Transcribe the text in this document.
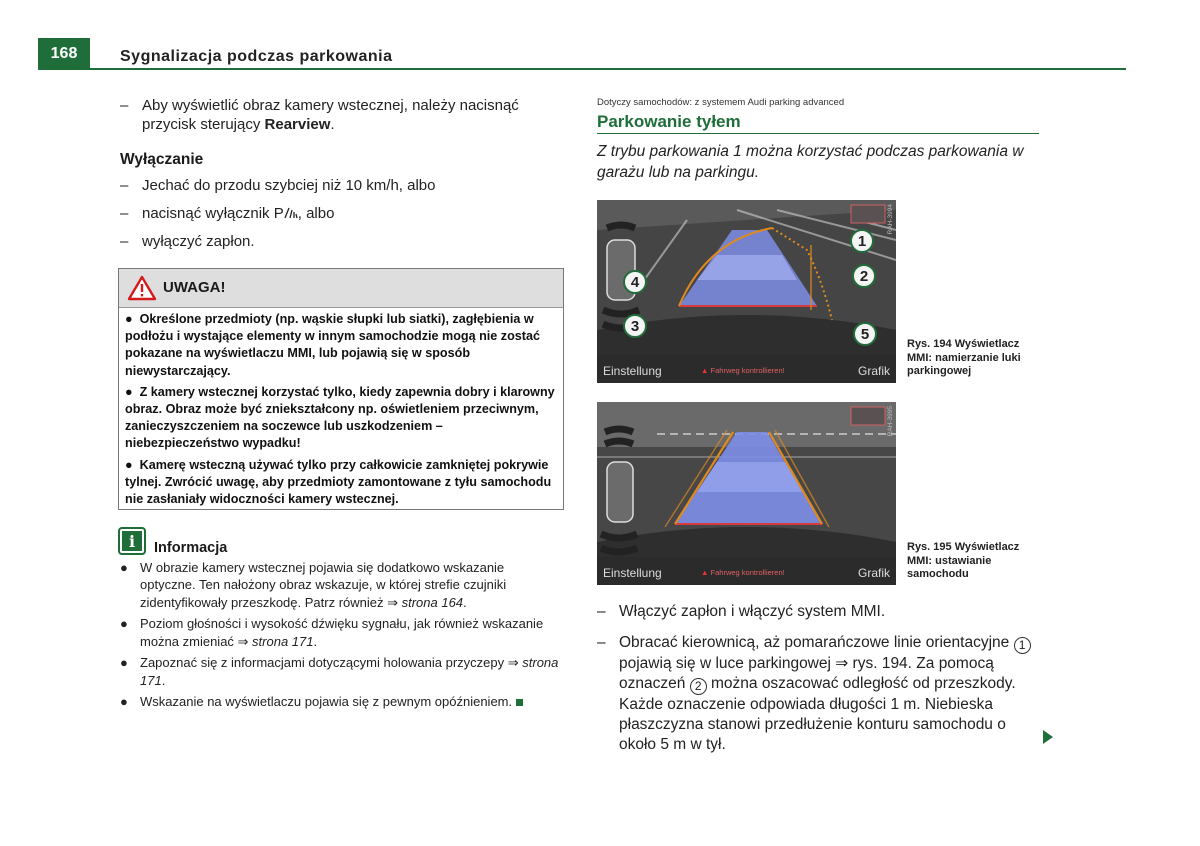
168	Sygnalizacja podczas parkowania
– Aby wyświetlić obraz kamery wstecznej, należy nacisnąć
przycisk sterujący Rearview.
Wyłączanie
– Jechać do przodu szybciej niż 10 km/h, albo
– nacisnąć wyłącznik P , albo
– wyłączyć zapłon.
UWAGA!

●  Określone przedmioty (np. wąskie słupki lub siatki), zagłębienia w podłożu i wystające elementy w innym samochodzie mogą nie zostać pokazane na wyświetlaczu MMI, lub pojawią się w sposób niewystarczający.

●  Z kamery wstecznej korzystać tylko, kiedy zapewnia dobry i klarowny obraz. Obraz może być zniekształcony np. oświetleniem przeciwnym, zanieczyszczeniem na soczewce lub uszkodzeniem – niebezpieczeństwo wypadku!

●  Kamerę wsteczną używać tylko przy całkowicie zamkniętej pokrywie tylnej. Zwrócić uwagę, aby przedmioty zamontowane z tyłu samochodu nie zasłaniały widoczności kamery wstecznej.

i	Informacja

● W obrazie kamery wstecznej pojawia się dodatkowo wskazanie optyczne. Ten nałożony obraz wskazuje, w której strefie czujniki zidentyfikowały przeszkodę. Patrz również ⇒ strona 164.

● Poziom głośności i wysokość dźwięku sygnału, jak również wskazanie można zmieniać ⇒ strona 171.

● Zapoznać się z informacjami dotyczącymi holowania przyczepy ⇒ strona 171.

● Wskazanie na wyświetlaczu pojawia się z pewnym opóźnieniem.

Dotyczy samochodów: z systemem Audi parking advanced
Parkowanie tyłem
Z trybu parkowania 1 można korzystać podczas parkowania w garażu lub na parkingu.
1
2
3
4
5
RAH-3994
Einstellung	▲ Fahrweg kontrollieren!	Grafik
Rys. 194 Wyświetlacz
MMI: namierzanie luki parkingowej
RAH-3995
Einstellung	▲ Fahrweg kontrollieren!	Grafik
Rys. 195 Wyświetlacz
MMI: ustawianie samochodu
– Włączyć zapłon i włączyć system MMI.
– Obracać kierownicą, aż pomarańczowe linie orientacyjne 1 pojawią się w luce parkingowej ⇒ rys. 194. Za pomocą oznaczeń 2 można oszacować odległość od przeszkody. Każde oznaczenie odpowiada długości 1 m. Niebieska płaszczyzna stanowi przedłużenie konturu samochodu o około 5 m w tył.
